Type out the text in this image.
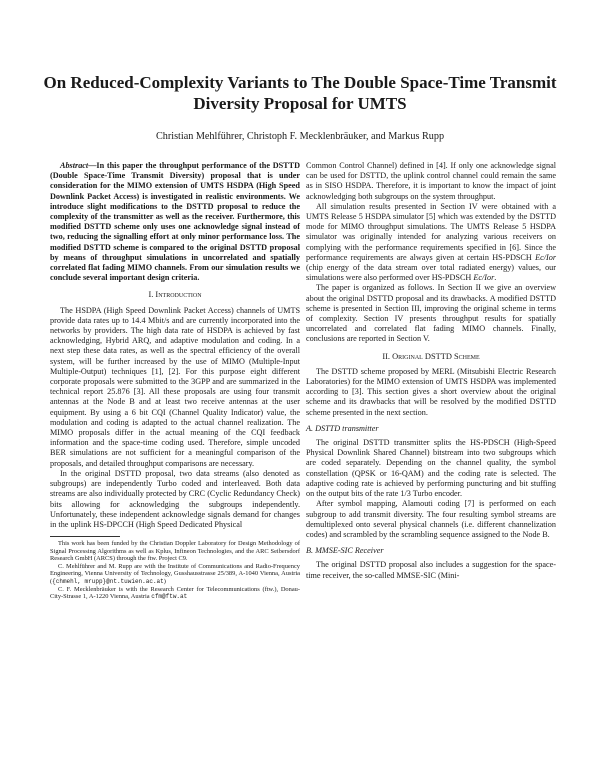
On Reduced-Complexity Variants to The Double Space-Time Transmit Diversity Proposal for UMTS
Christian Mehlführer, Christoph F. Mecklenbräuker, and Markus Rupp

Abstract—In this paper the throughput performance of the DSTTD (Double Space-Time Transmit Diversity) proposal that is under consideration for the MIMO extension of UMTS HSDPA (High Speed Downlink Packet Access) is investigated in realistic environments. We introduce slight modifications to the DSTTD proposal to reduce the complexity of the transmitter as well as the receiver. Furthermore, this modified DSTTD scheme only uses one acknowledge signal instead of two, reducing the signalling effort at only minor performance loss. The modified DSTTD scheme is compared to the original DSTTD proposal by means of throughput simulations in uncorrelated and spatially correlated flat fading MIMO channels. From our simulation results we conclude several important design criteria.

I. Introduction

The HSDPA (High Speed Downlink Packet Access) channels of UMTS provide data rates up to 14.4 Mbit/s and are currently incorporated into the networks by providers. The high data rate of HSDPA is achieved by fast acknowledging, Hybrid ARQ, and adaptive modulation and coding. In a next step these data rates, as well as the spectral efficiency of the overall system, will be further increased by the use of MIMO (Multiple-Input Multiple-Output) techniques [1], [2]. For this purpose eight different corporate proposals were submitted to the 3GPP and are summarized in the technical report 25.876 [3]. All these proposals are using four transmit antennas at the Node B and at least two receive antennas at the user equipment. By using a 6 bit CQI (Channel Quality Indicator) value, the modulation and coding is adapted to the actual channel realization. The MIMO proposals differ in the actual meaning of the CQI feedback information and the space-time coding used. Therefore, simple uncoded BER simulations are not sufficient for a meaningful comparison of the proposals, and detailed throughput comparisons are necessary.

In the original DSTTD proposal, two data streams (also denoted as subgroups) are independently Turbo coded and interleaved. Both data streams are also individually protected by CRC (Cyclic Redundancy Check) bits allowing for acknowledging the subgroups independently. Unfortunately, these independent acknowledge signals demand for changes in the uplink HS-DPCCH (High Speed Dedicated Physical

This work has been funded by the Christian Doppler Laboratory for Design Methodology of Signal Processing Algorithms as well as Kplus, Infineon Technologies, and the ARC Seibersdorf Research GmbH (ARCS) through the ftw. Project C9.

C. Mehlführer and M. Rupp are with the Institute of Communications and Radio-Frequency Engineering, Vienna University of Technology, Gusshausstrasse 25/389, A-1040 Vienna, Austria ({chmehl, mrupp}@nt.tuwien.ac.at)

C. F. Mecklenbräuker is with the Research Center for Telecommunications (ftw.), Donau-City-Strasse 1, A-1220 Vienna, Austria cfm@ftw.at

Common Control Channel) defined in [4]. If only one acknowledge signal can be used for DSTTD, the uplink control channel could remain the same as in SISO HSDPA. Therefore, it is important to know the impact of joint acknowledging both subgroups on the system throughput.

All simulation results presented in Section IV were obtained with a UMTS Release 5 HSDPA simulator [5] which was extended by the DSTTD mode for MIMO throughput simulations. The UMTS Release 5 HSDPA simulator was originally intended for analyzing various receivers on complying with the performance requirements specified in [6]. Since the performance requirements are always given at certain HS-PDSCH Ec/Ior (chip energy of the data stream over total radiated energy) values, our simulations were also performed over HS-PDSCH Ec/Ior.

The paper is organized as follows. In Section II we give an overview about the original DSTTD proposal and its drawbacks. A modified DSTTD scheme is presented in Section III, improving the original scheme in terms of complexity. Section IV presents throughput results for spatially uncorrelated and correlated flat fading MIMO channels. Finally, conclusions are reported in Section V.

II. Original DSTTD Scheme

The DSTTD scheme proposed by MERL (Mitsubishi Electric Research Laboratories) for the MIMO extension of UMTS HSDPA was implemented according to [3]. This section gives a short overview about the original scheme and its drawbacks that will be resolved by the modified DSTTD scheme presented in the next section.

A. DSTTD transmitter

The original DSTTD transmitter splits the HS-PDSCH (High-Speed Physical Downlink Shared Channel) bitstream into two subgroups which are coded separately. Depending on the channel quality, the symbol constellation (QPSK or 16-QAM) and the coding rate is selected. The adaptive coding rate is achieved by performing puncturing and bit stuffing on the output bits of the rate 1/3 Turbo encoder.

After symbol mapping, Alamouti coding [7] is performed on each subgroup to add transmit diversity. The four resulting symbol streams are demultiplexed onto several physical channels (i.e. different channelization codes) and scrambled by the scrambling sequence assigned to the Node B.

B. MMSE-SIC Receiver

The original DSTTD proposal also includes a suggestion for the space-time receiver, the so-called MMSE-SIC (Mini-
